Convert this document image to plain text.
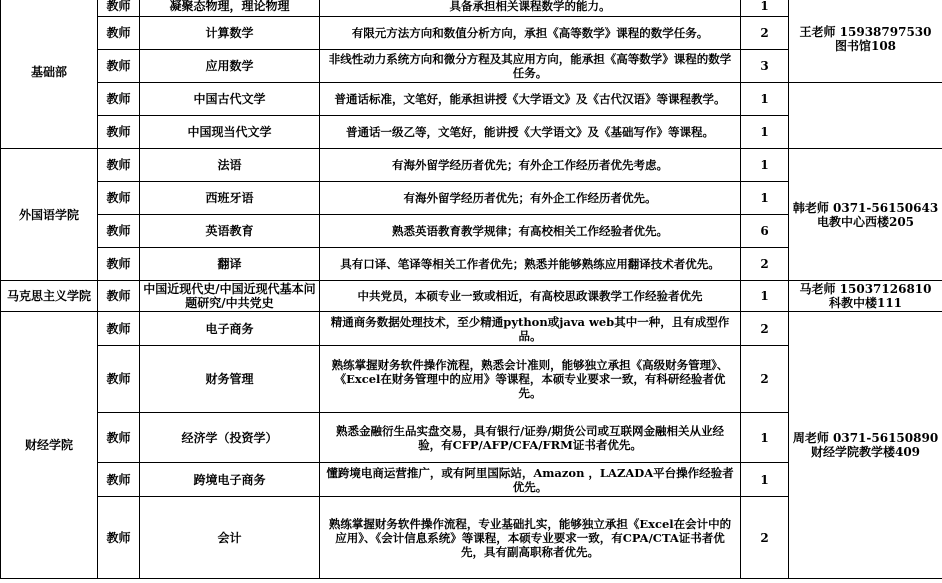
基础部	教师	凝聚态物理，理论物理	具备承担相关课程数学的能力。	1	王老师 15938797530
图书馆108

	教师	计算数学	有限元方法方向和数值分析方向，承担《高等数学》课程的数学任务。	2	
	教师	应用数学	非线性动力系统方向和微分方程及其应用方向，能承担《高等数学》课程的数学任务。	3	
	教师	中国古代文学	普通话标准，文笔好，能承担讲授《大学语文》及《古代汉语》等课程教学。	1	
	教师	中国现当代文学	普通话一级乙等，文笔好，能讲授《大学语文》及《基础写作》等课程。	1	
外国语学院	教师	法语	有海外留学经历者优先；有外企工作经历者优先考虑。	1	韩老师 0371-56150643
电教中心西楼205

	教师	西班牙语	有海外留学经历者优先；有外企工作经历者优先。	1	
	教师	英语教育	熟悉英语教育教学规律；有高校相关工作经验者优先。	6	
	教师	翻译	具有口译、笔译等相关工作者优先；熟悉并能够熟练应用翻译技术者优先。	2	
马克思主义学院	教师	中国近现代史/中国近现代基本问题研究/中共党史	中共党员，本硕专业一致或相近，有高校思政课教学工作经验者优先	1	马老师 15037126810
科教中楼111

财经学院	教师	电子商务	精通商务数据处理技术，至少精通python或java web其中一种，且有成型作品。	2	周老师 0371-56150890
财经学院教学楼409

	教师	财务管理	熟练掌握财务软件操作流程，熟悉会计准则，能够独立承担《高级财务管理》、《Excel在财务管理中的应用》等课程，本硕专业要求一致，有科研经验者优先。	2	
	教师	经济学（投资学）	熟悉金融衍生品实盘交易，具有银行/证券/期货公司或互联网金融相关从业经验，有CFP/AFP/CFA/FRM证书者优先。	1	
	教师	跨境电子商务	懂跨境电商运营推广，或有阿里国际站，Amazon ，LAZADA平台操作经验者优先。	1	
	教师	会计	熟练掌握财务软件操作流程，专业基础扎实，能够独立承担《Excel在会计中的应用》、《会计信息系统》等课程，本硕专业要求一致，有CPA/CTA证书者优先，具有副高职称者优先。	2	
